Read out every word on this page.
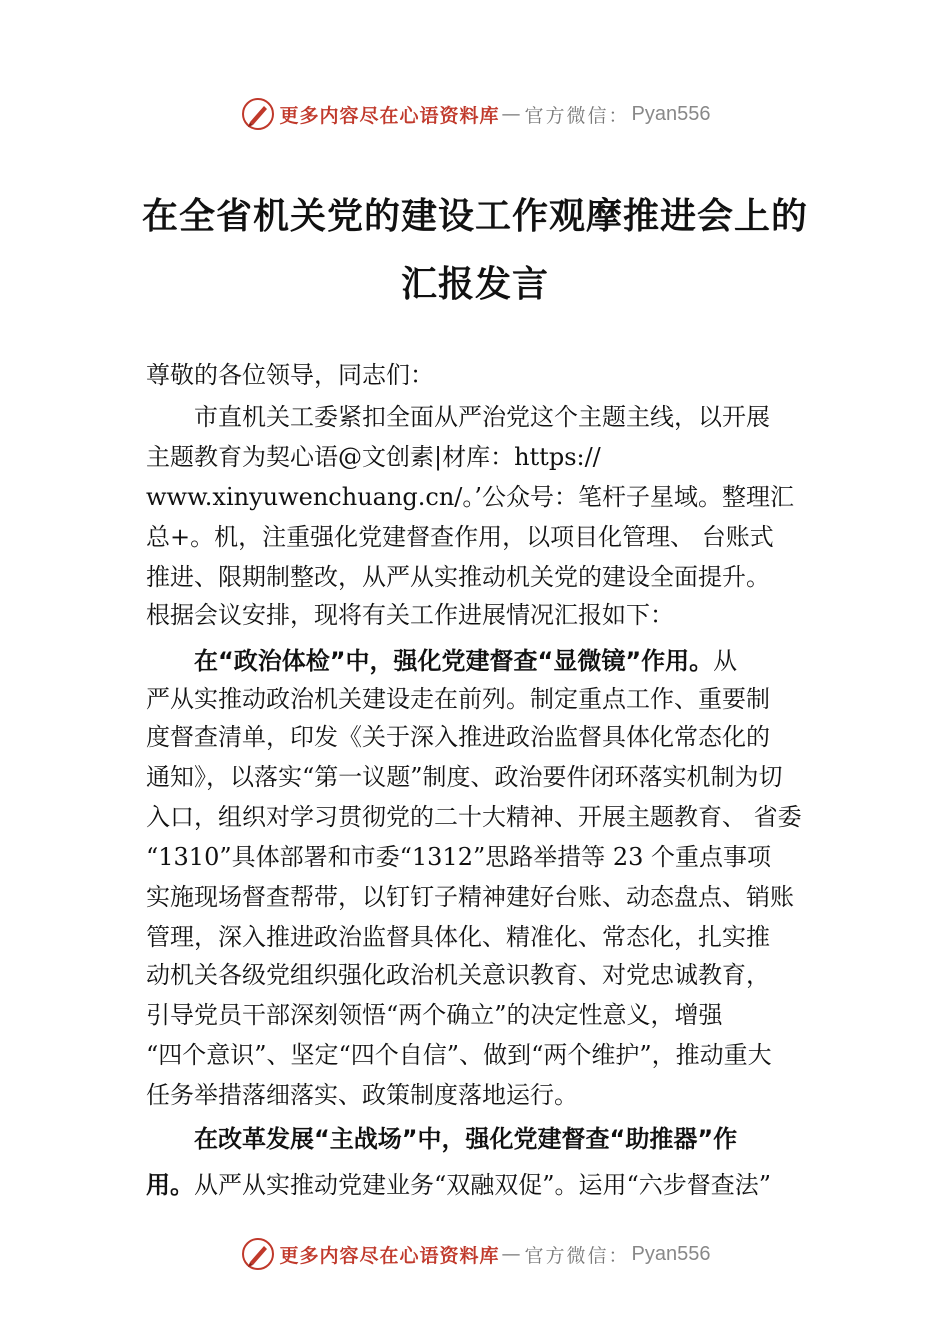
更多内容尽在心语资料库 — 官方微信： Pyan556
在全省机关党的建设工作观摩推进会上的
汇报发言
尊敬的各位领导，同志们：
　　市直机关工委紧扣全面从严治党这个主题主线，以开展
主题教育为契心语@文创素|材库：https://
www.xinyuwenchuang.cn/。’公众号：笔杆子星域。整理汇
总+。机，注重强化党建督查作用，以项目化管理、 台账式
推进、限期制整改，从严从实推动机关党的建设全面提升。
根据会议安排，现将有关工作进展情况汇报如下：
　　在“政治体检”中，强化党建督查“显微镜”作用。从
严从实推动政治机关建设走在前列。制定重点工作、重要制
度督查清单，印发《关于深入推进政治监督具体化常态化的
通知》，以落实“第一议题”制度、政治要件闭环落实机制为切
入口，组织对学习贯彻党的二十大精神、开展主题教育、 省委
“1310”具体部署和市委“1312”思路举措等 23 个重点事项
实施现场督查帮带，以钉钉子精神建好台账、动态盘点、销账
管理，深入推进政治监督具体化、精准化、常态化，扎实推
动机关各级党组织强化政治机关意识教育、对党忠诚教育，
引导党员干部深刻领悟“两个确立”的决定性意义，增强
“四个意识”、坚定“四个自信”、做到“两个维护”，推动重大
任务举措落细落实、政策制度落地运行。
　　在改革发展“主战场”中，强化党建督查“助推器”作
用。从严从实推动党建业务“双融双促”。运用“六步督查法”
更多内容尽在心语资料库 — 官方微信： Pyan556
